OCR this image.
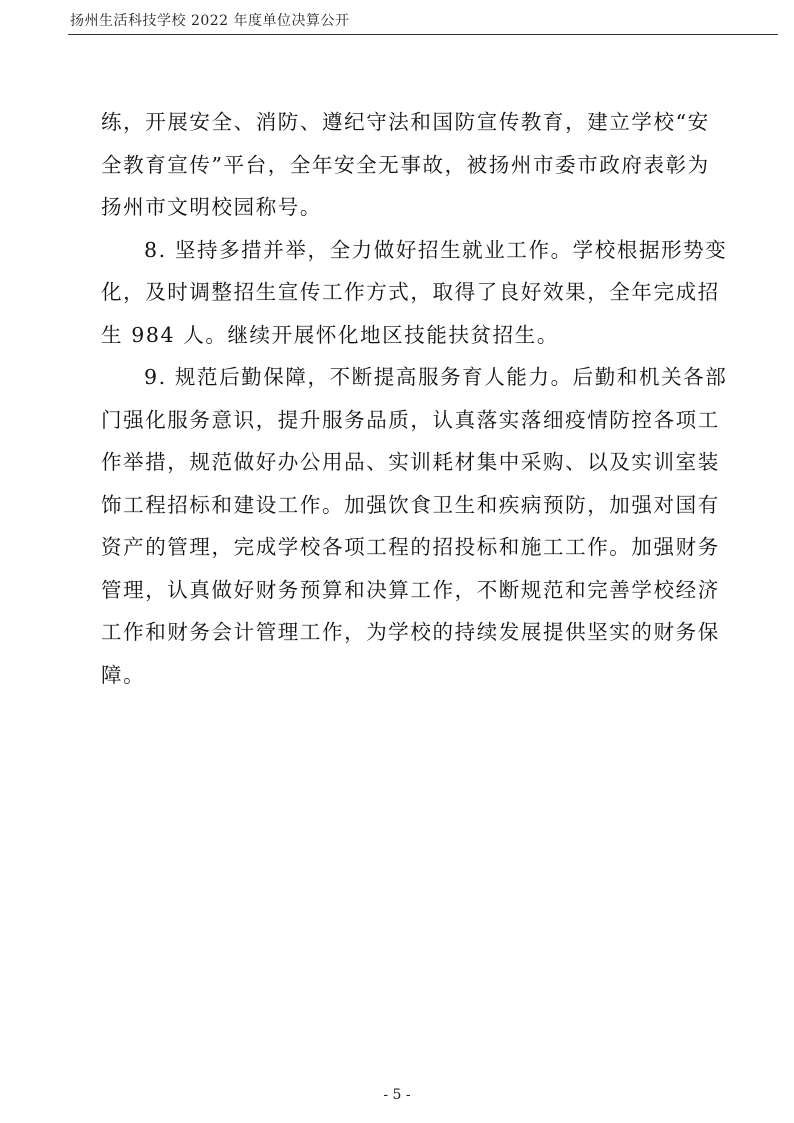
扬州生活科技学校 2022 年度单位决算公开
练，开展安全、消防、遵纪守法和国防宣传教育，建立学校“安
全教育宣传”平台，全年安全无事故，被扬州市委市政府表彰为
扬州市文明校园称号。
8. 坚持多措并举，全力做好招生就业工作。学校根据形势变
化，及时调整招生宣传工作方式，取得了良好效果，全年完成招
生 984 人。继续开展怀化地区技能扶贫招生。
9. 规范后勤保障，不断提高服务育人能力。后勤和机关各部
门强化服务意识，提升服务品质，认真落实落细疫情防控各项工
作举措，规范做好办公用品、实训耗材集中采购、以及实训室装
饰工程招标和建设工作。加强饮食卫生和疾病预防，加强对国有
资产的管理，完成学校各项工程的招投标和施工工作。加强财务
管理，认真做好财务预算和决算工作，不断规范和完善学校经济
工作和财务会计管理工作，为学校的持续发展提供坚实的财务保
障。
- 5 -
